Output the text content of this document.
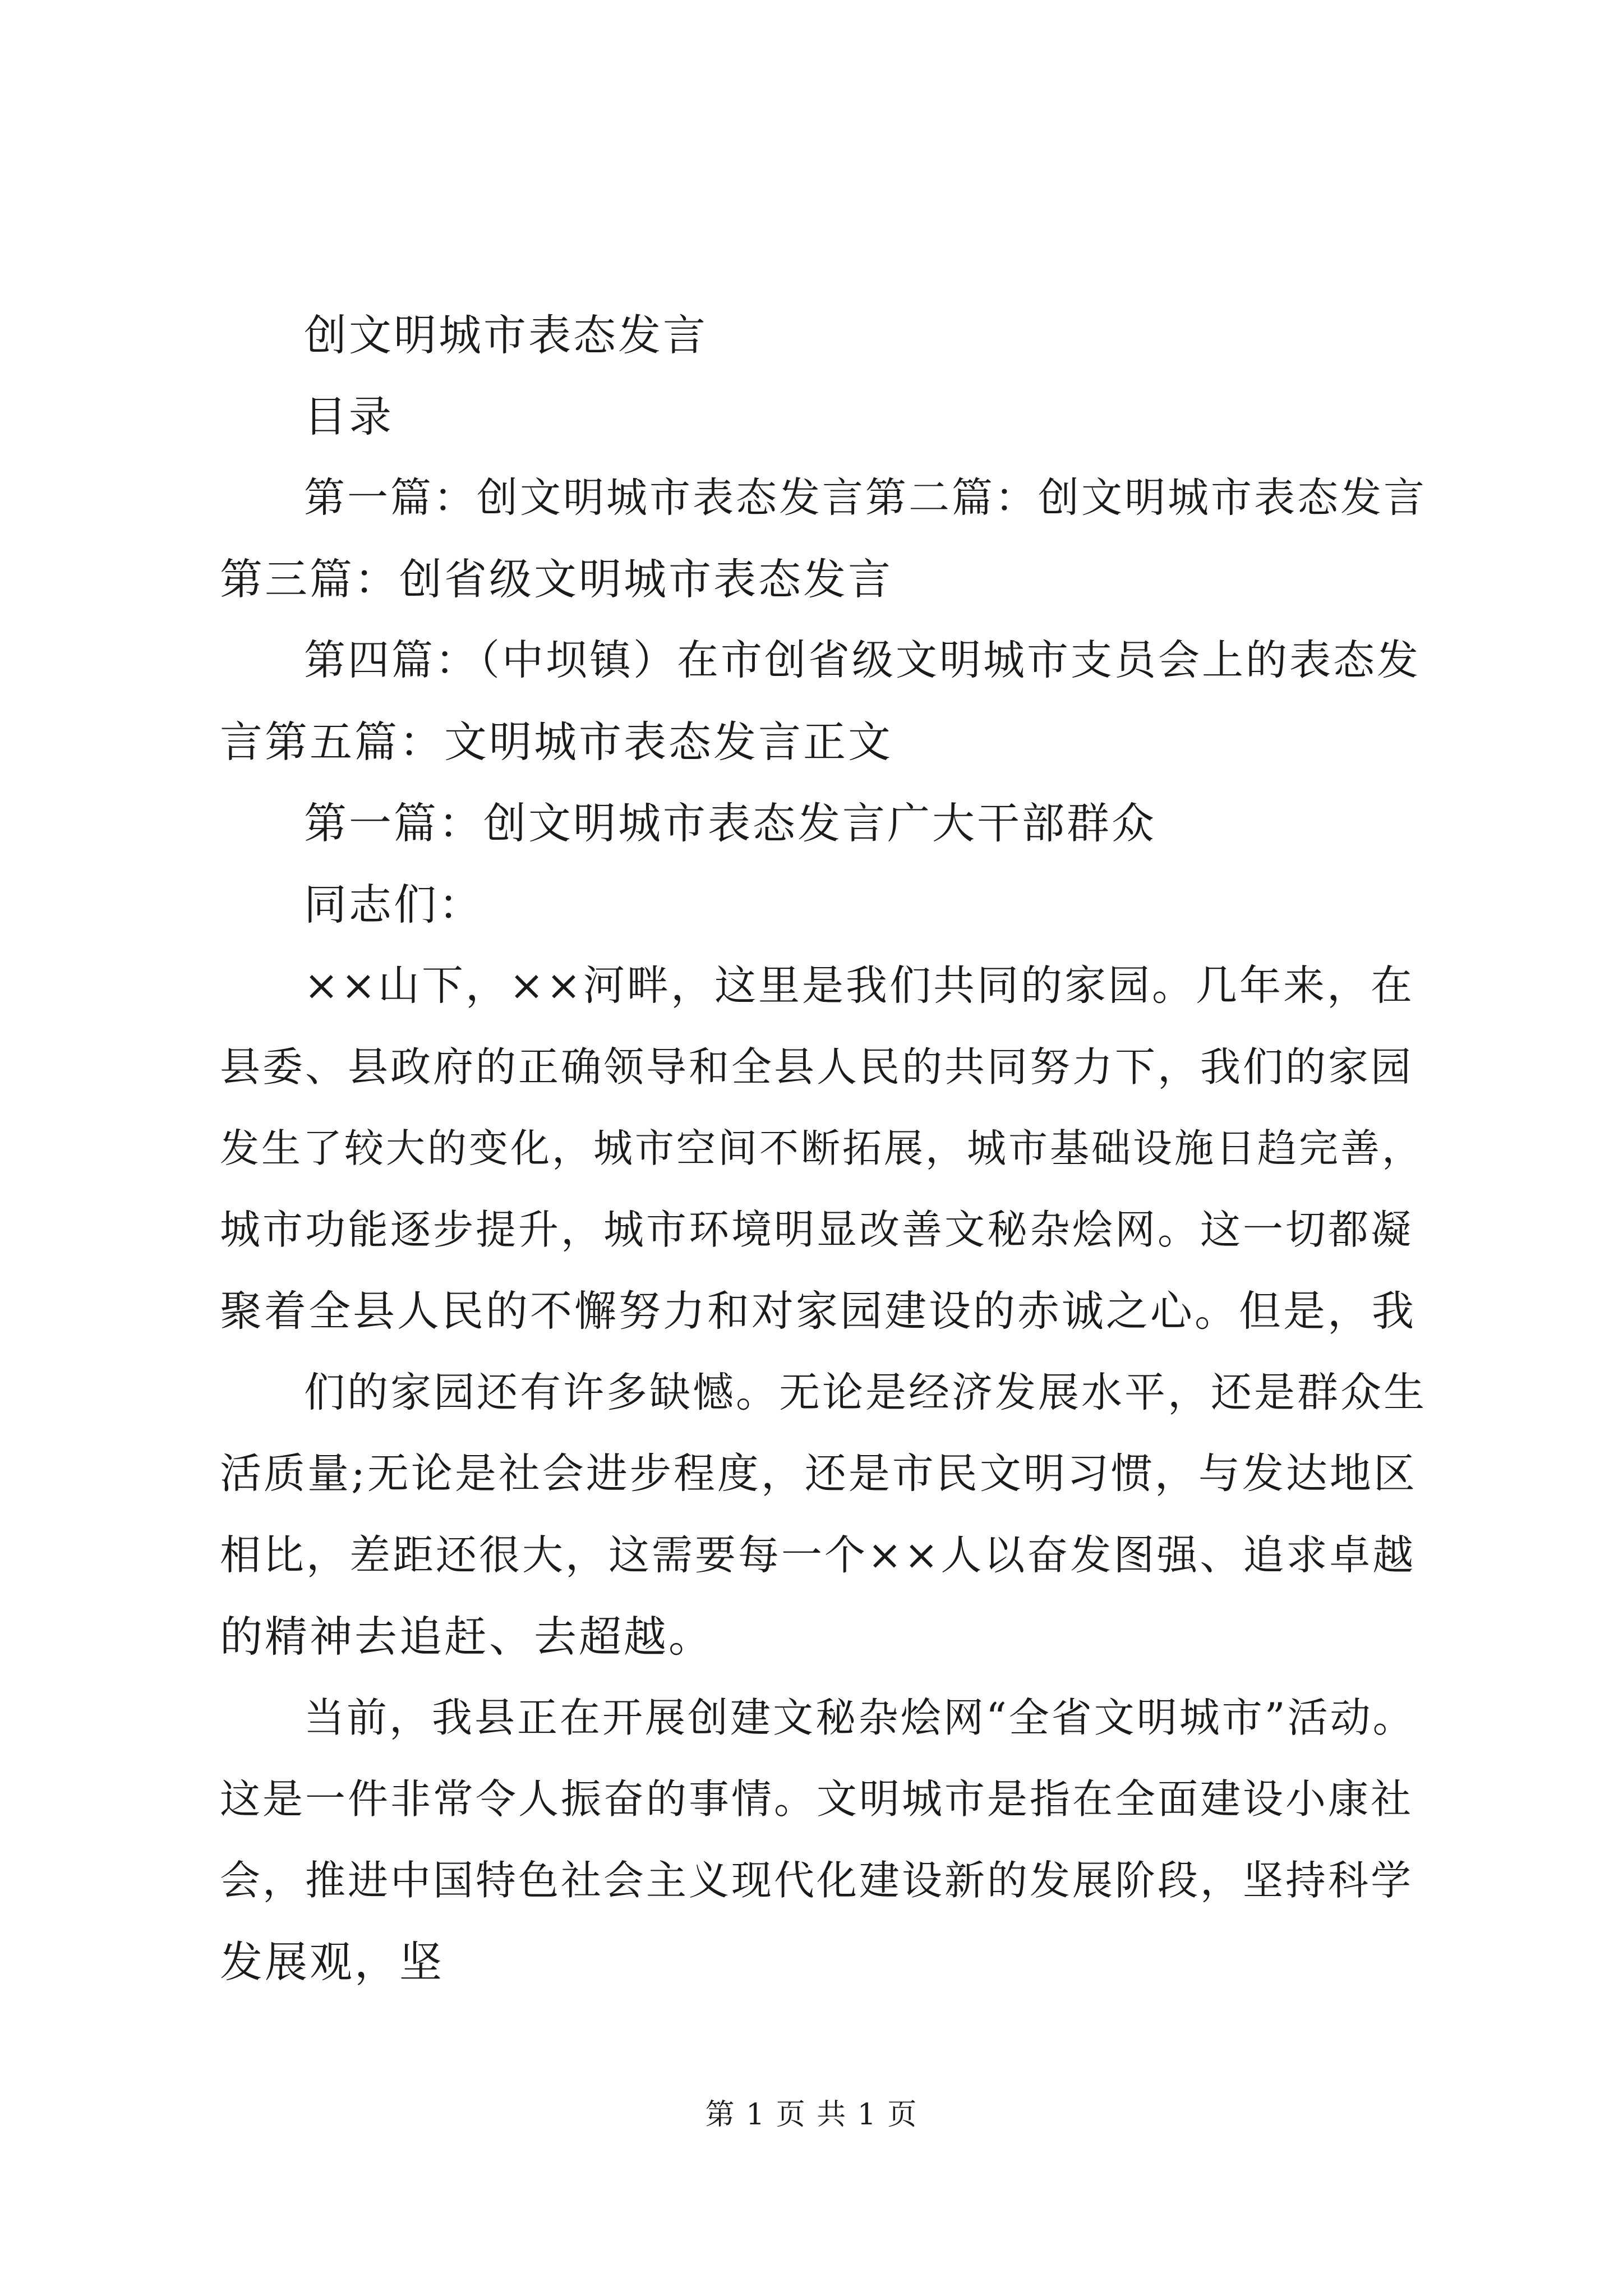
创文明城市表态发言
目录
第一篇：创文明城市表态发言第二篇：创文明城市表态发言
第三篇：创省级文明城市表态发言
第四篇：（中坝镇）在市创省级文明城市支员会上的表态发
言第五篇：文明城市表态发言正文
第一篇：创文明城市表态发言广大干部群众
同志们：
××山下，××河畔，这里是我们共同的家园。几年来，在
县委、县政府的正确领导和全县人民的共同努力下，我们的家园
发生了较大的变化，城市空间不断拓展，城市基础设施日趋完善，
城市功能逐步提升，城市环境明显改善文秘杂烩网。这一切都凝
聚着全县人民的不懈努力和对家园建设的赤诚之心。但是，我
们的家园还有许多缺憾。无论是经济发展水平，还是群众生
活质量;无论是社会进步程度，还是市民文明习惯，与发达地区
相比，差距还很大，这需要每一个××人以奋发图强、追求卓越
的精神去追赶、去超越。
当前，我县正在开展创建文秘杂烩网“全省文明城市”活动。
这是一件非常令人振奋的事情。文明城市是指在全面建设小康社
会，推进中国特色社会主义现代化建设新的发展阶段，坚持科学
发展观，坚
第 1 页 共 1 页
